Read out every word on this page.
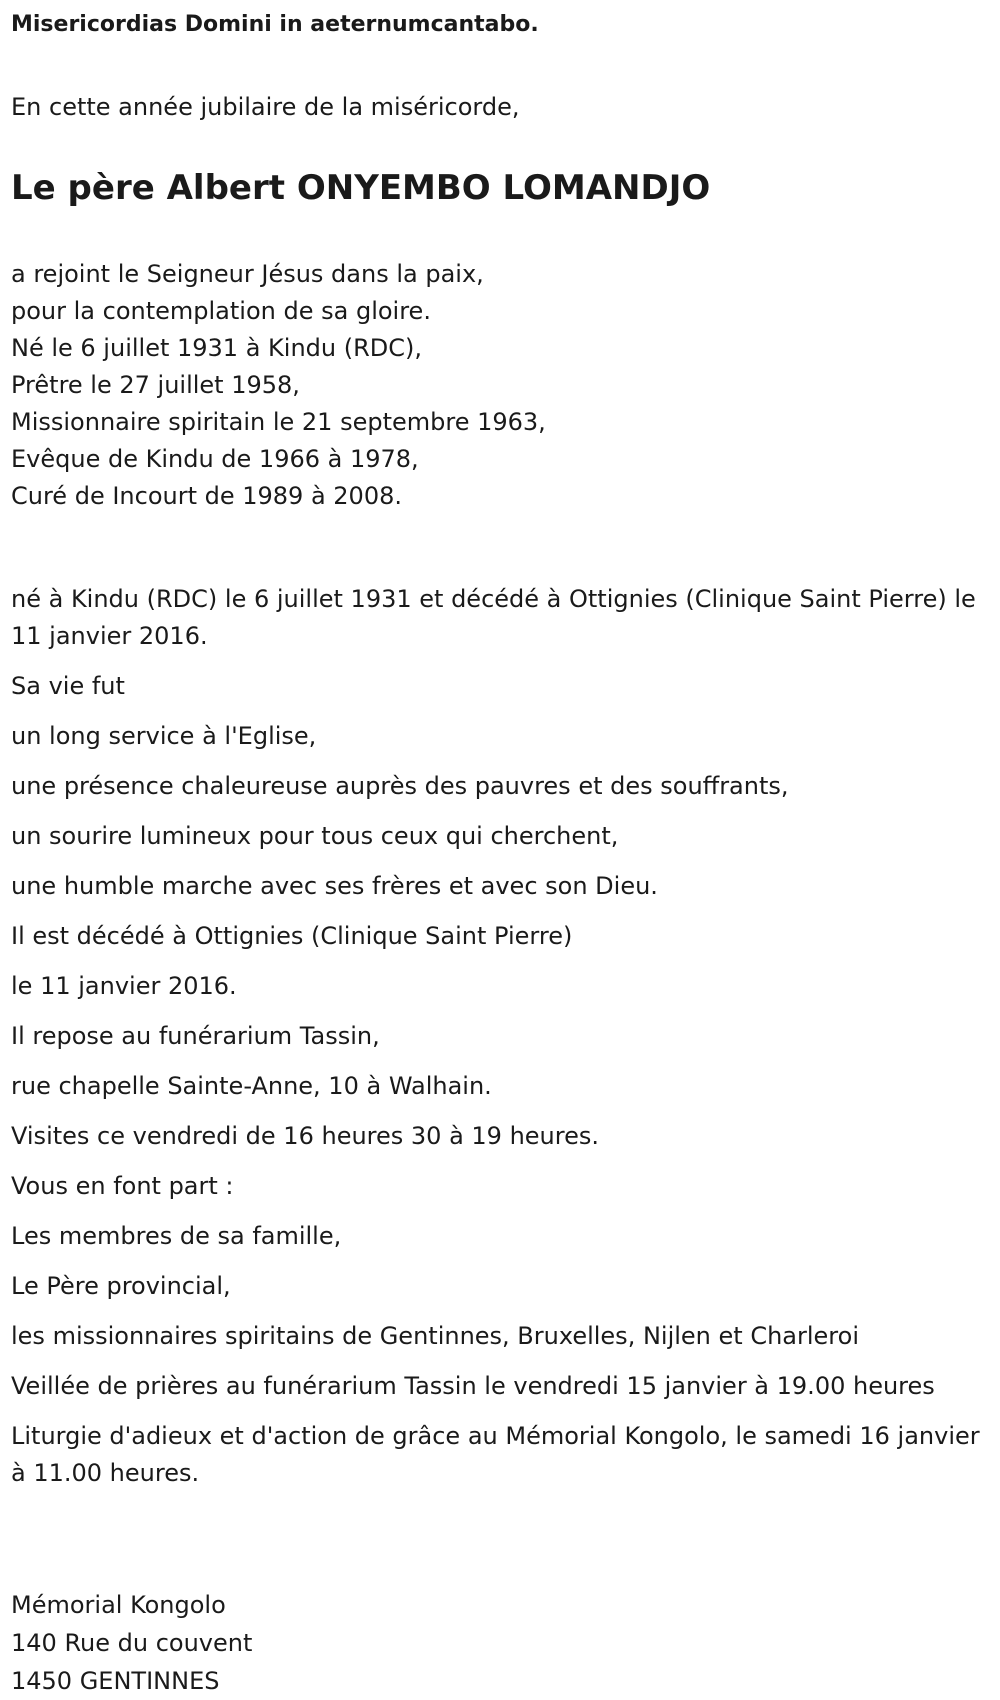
Misericordias Domini in aeternumcantabo.
En cette année jubilaire de la miséricorde,
Le père Albert ONYEMBO LOMANDJO
a rejoint le Seigneur Jésus dans la paix,
pour la contemplation de sa gloire.
Né le 6 juillet 1931 à Kindu (RDC),
Prêtre le 27 juillet 1958,
Missionnaire spiritain le 21 septembre 1963,
Evêque de Kindu de 1966 à 1978,
Curé de Incourt de 1989 à 2008.
né à Kindu (RDC) le 6 juillet 1931 et décédé à Ottignies (Clinique Saint Pierre) le 11 janvier 2016.
Sa vie fut
un long service à l'Eglise,
une présence chaleureuse auprès des pauvres et des souffrants,
un sourire lumineux pour tous ceux qui cherchent,
une humble marche avec ses frères et avec son Dieu.
Il est décédé à Ottignies (Clinique Saint Pierre)
le 11 janvier 2016.
Il repose au funérarium Tassin,
rue chapelle Sainte-Anne, 10 à Walhain.
Visites ce vendredi de 16 heures 30 à 19 heures.
Vous en font part :
Les membres de sa famille,
Le Père provincial,
les missionnaires spiritains de Gentinnes, Bruxelles, Nijlen et Charleroi
Veillée de prières au funérarium Tassin le vendredi 15 janvier à 19.00 heures
Liturgie d'adieux et d'action de grâce au Mémorial Kongolo, le samedi 16 janvier à 11.00 heures.
Mémorial Kongolo
140 Rue du couvent
1450 GENTINNES
